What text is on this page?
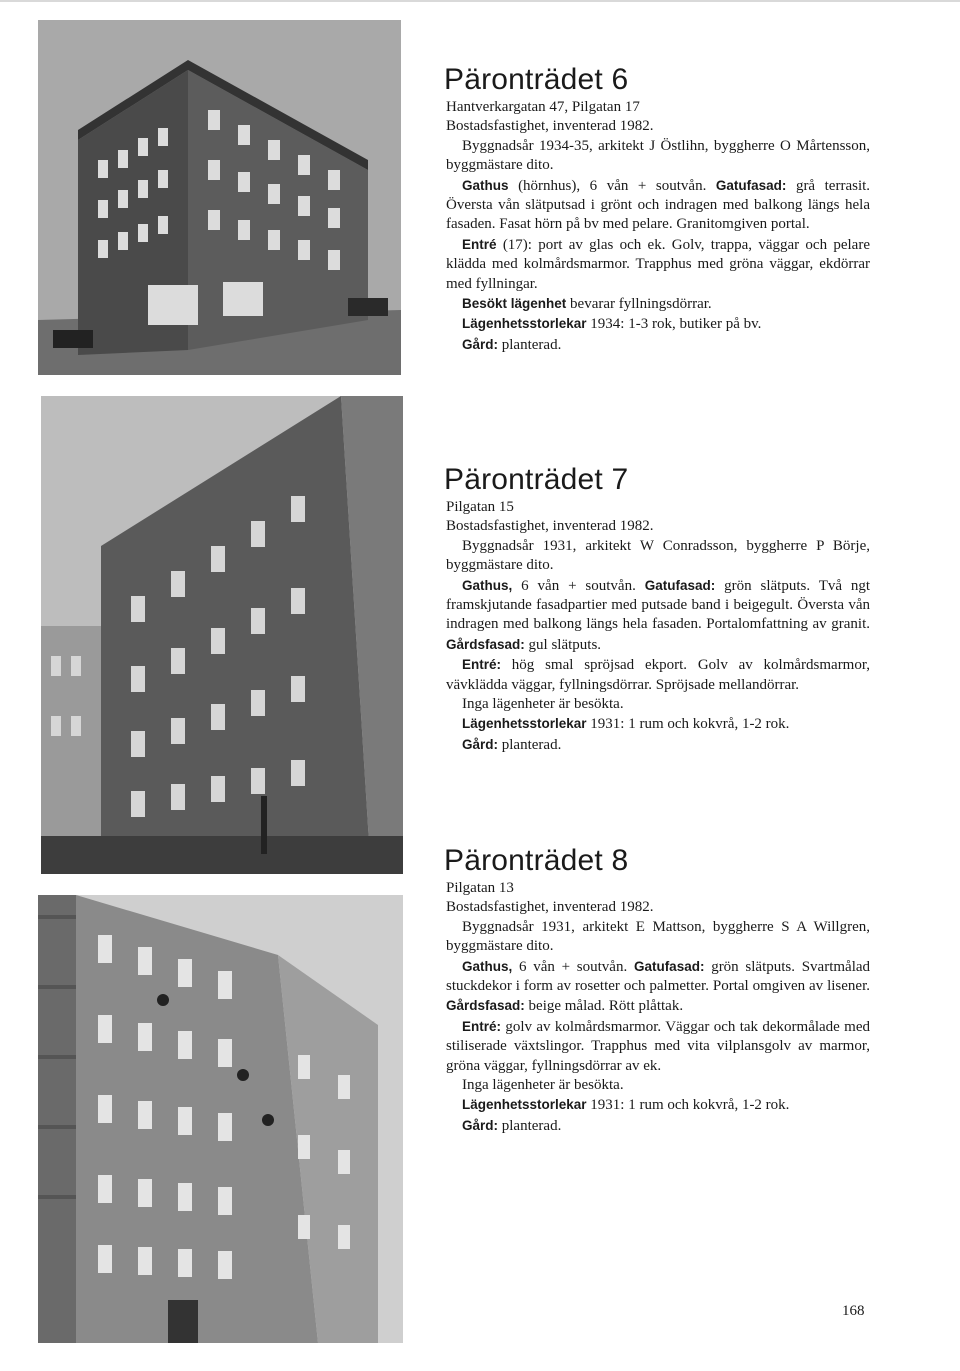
Päronträdet 6

Hantverkargatan 47, Pilgatan 17

Bostadsfastighet, inventerad 1982.

Byggnadsår 1934-35, arkitekt J Östlihn, byggherre O Mårtensson, byggmästare dito.

Gathus (hörnhus), 6 vån + soutvån. Gatufasad: grå terrasit. Översta vån slätputsad i grönt och indragen med balkong längs hela fasaden. Fasat hörn på bv med pelare. Granitomgiven portal.

Entré (17): port av glas och ek. Golv, trappa, väggar och pelare klädda med kolmårdsmarmor. Trapphus med gröna väggar, ekdörrar med fyllningar.

Besökt lägenhet bevarar fyllningsdörrar.

Lägenhetsstorlekar 1934: 1-3 rok, butiker på bv.

Gård: planterad.

Päronträdet 7

Pilgatan 15

Bostadsfastighet, inventerad 1982.

Byggnadsår 1931, arkitekt W Conradsson, byggherre P Börje, byggmästare dito.

Gathus, 6 vån + soutvån. Gatufasad: grön slätputs. Två ngt framskjutande fasadpartier med putsade band i beigegult. Översta vån indragen med balkong längs hela fasaden. Portalomfattning av granit. Gårdsfasad: gul slätputs.

Entré: hög smal spröjsad ekport. Golv av kolmårdsmarmor, vävklädda väggar, fyllningsdörrar. Spröjsade mellandörrar.

Inga lägenheter är besökta.

Lägenhetsstorlekar 1931: 1 rum och kokvrå, 1-2 rok.

Gård: planterad.

Päronträdet 8

Pilgatan 13

Bostadsfastighet, inventerad 1982.

Byggnadsår 1931, arkitekt E Mattson, byggherre S A Willgren, byggmästare dito.

Gathus, 6 vån + soutvån. Gatufasad: grön slätputs. Svartmålad stuckdekor i form av rosetter och palmetter. Portal omgiven av lisener. Gårdsfasad: beige målad. Rött plåttak.

Entré: golv av kolmårdsmarmor. Väggar och tak dekormålade med stiliserade växtslingor. Trapphus med vita vilplansgolv av marmor, gröna väggar, fyllningsdörrar av ek.

Inga lägenheter är besökta.

Lägenhetsstorlekar 1931: 1 rum och kokvrå, 1-2 rok.

Gård: planterad.

168
